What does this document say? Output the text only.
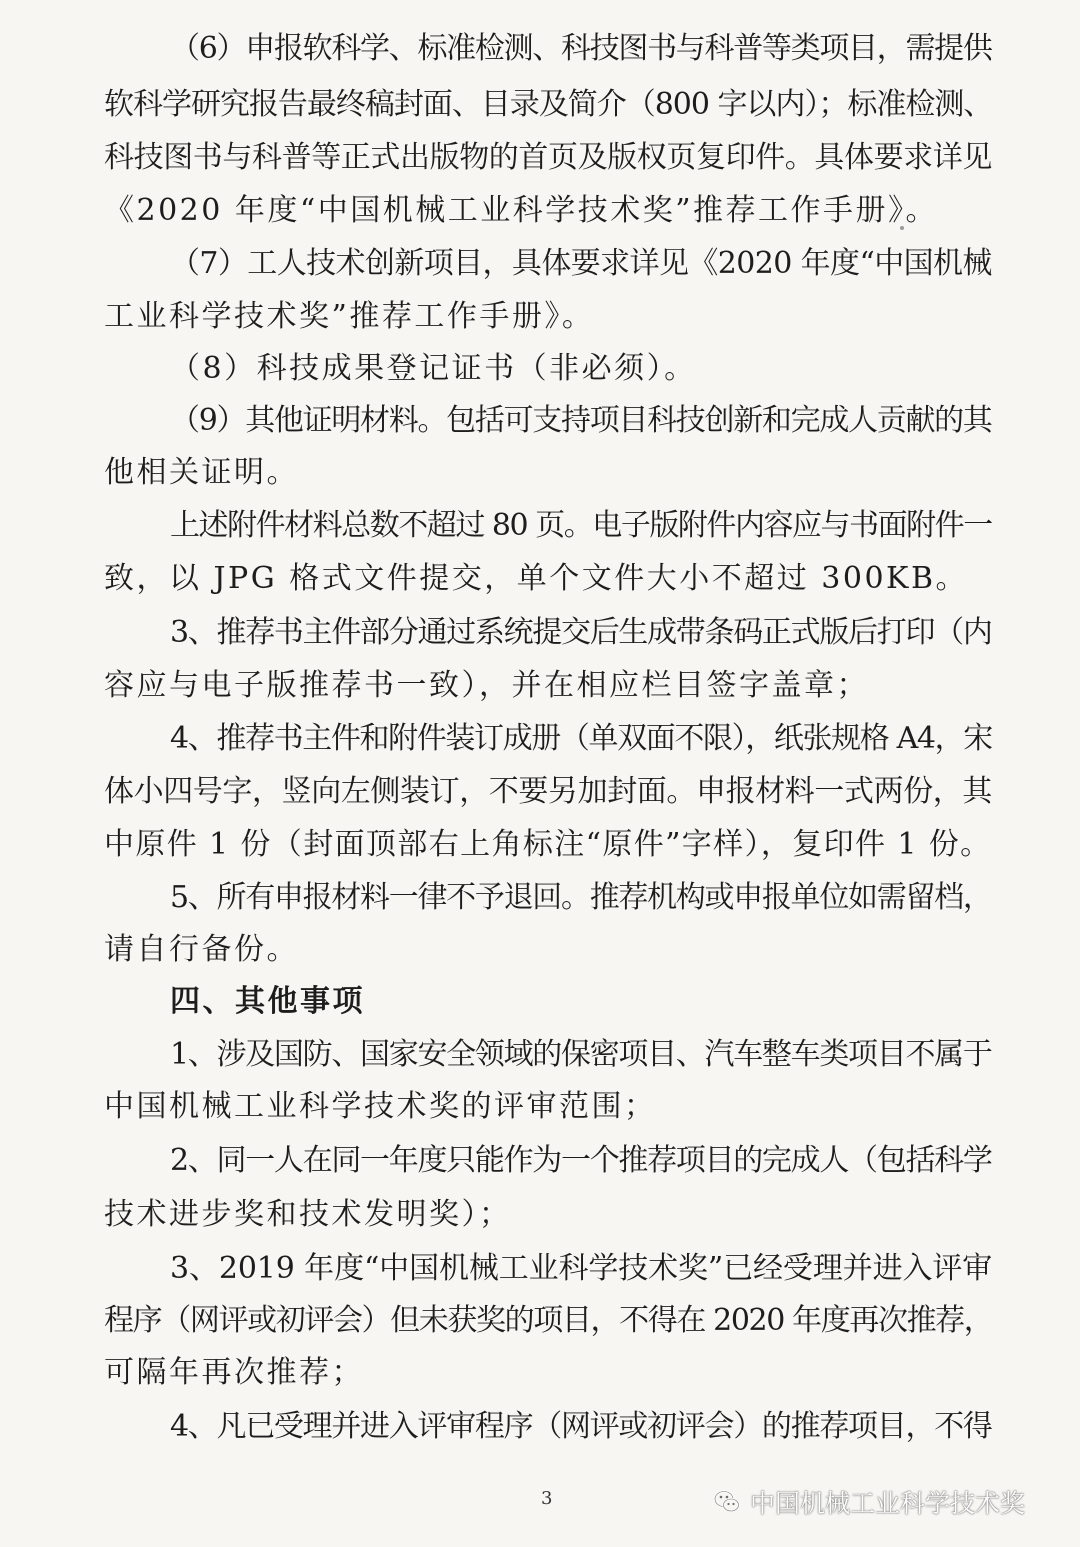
（6）申报软科学、标准检测、科技图书与科普等类项目，需提供
软科学研究报告最终稿封面、目录及简介（800 字以内）；标准检测、
科技图书与科普等正式出版物的首页及版权页复印件。具体要求详见
《2020 年度“中国机械工业科学技术奖”推荐工作手册》。
（7）工人技术创新项目，具体要求详见《2020 年度“中国机械
工业科学技术奖”推荐工作手册》。
（8）科技成果登记证书（非必须）。
（9）其他证明材料。包括可支持项目科技创新和完成人贡献的其
他相关证明。
上述附件材料总数不超过 80 页。电子版附件内容应与书面附件一
致，以 JPG 格式文件提交，单个文件大小不超过 300KB。
3、推荐书主件部分通过系统提交后生成带条码正式版后打印（内
容应与电子版推荐书一致），并在相应栏目签字盖章；
4、推荐书主件和附件装订成册（单双面不限），纸张规格 A4，宋
体小四号字，竖向左侧装订，不要另加封面。申报材料一式两份，其
中原件 1 份（封面顶部右上角标注“原件”字样），复印件 1 份。
5、所有申报材料一律不予退回。推荐机构或申报单位如需留档，
请自行备份。
四、其他事项
1、涉及国防、国家安全领域的保密项目、汽车整车类项目不属于
中国机械工业科学技术奖的评审范围；
2、同一人在同一年度只能作为一个推荐项目的完成人（包括科学
技术进步奖和技术发明奖）；
3、2019 年度“中国机械工业科学技术奖”已经受理并进入评审
程序（网评或初评会）但未获奖的项目，不得在 2020 年度再次推荐，
可隔年再次推荐；
4、凡已受理并进入评审程序（网评或初评会）的推荐项目，不得
3	中国机械工业科学技术奖
